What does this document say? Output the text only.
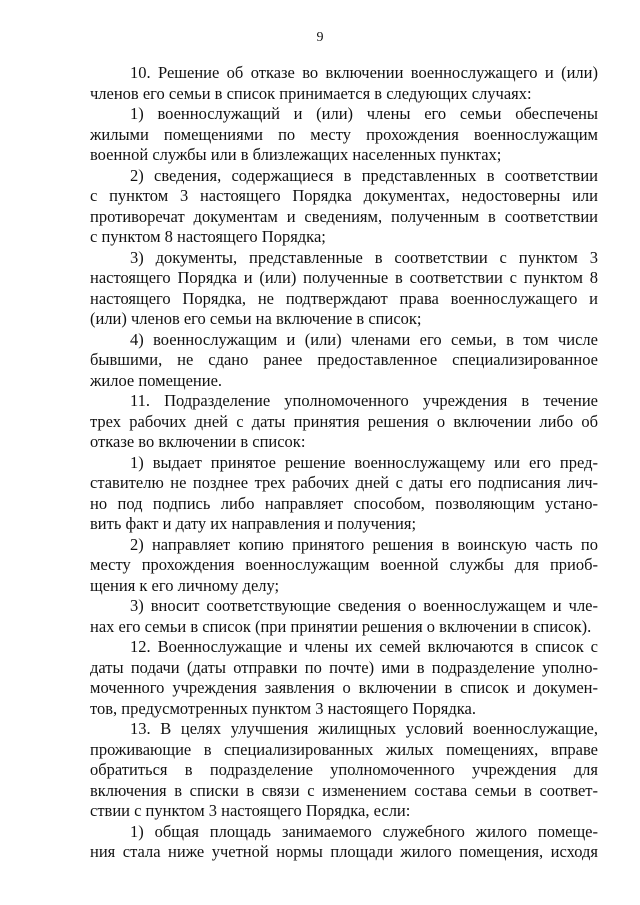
9
10. Решение об отказе во включении военнослужащего и (или)
членов его семьи в список принимается в следующих случаях:
1) военнослужащий и (или) члены его семьи обеспечены
жилыми помещениями по месту прохождения военнослужащим
военной службы или в близлежащих населенных пунктах;
2) сведения, содержащиеся в представленных в соответствии
с пунктом 3 настоящего Порядка документах, недостоверны или
противоречат документам и сведениям, полученным в соответствии
с пунктом 8 настоящего Порядка;
3) документы, представленные в соответствии с пунктом 3
настоящего Порядка и (или) полученные в соответствии с пунктом 8
настоящего Порядка, не подтверждают права военнослужащего и
(или) членов его семьи на включение в список;
4) военнослужащим и (или) членами его семьи, в том числе
бывшими, не сдано ранее предоставленное специализированное
жилое помещение.
11. Подразделение уполномоченного учреждения в течение
трех рабочих дней с даты принятия решения о включении либо об
отказе во включении в список:
1) выдает принятое решение военнослужащему или его пред-
ставителю не позднее трех рабочих дней с даты его подписания лич-
но под подпись либо направляет способом, позволяющим устано-
вить факт и дату их направления и получения;
2) направляет копию принятого решения в воинскую часть по
месту прохождения военнослужащим военной службы для приоб-
щения к его личному делу;
3) вносит соответствующие сведения о военнослужащем и чле-
нах его семьи в список (при принятии решения о включении в список).
12. Военнослужащие и члены их семей включаются в список с
даты подачи (даты отправки по почте) ими в подразделение уполно-
моченного учреждения заявления о включении в список и докумен-
тов, предусмотренных пунктом 3 настоящего Порядка.
13. В целях улучшения жилищных условий военнослужащие,
проживающие в специализированных жилых помещениях, вправе
обратиться в подразделение уполномоченного учреждения для
включения в списки в связи с изменением состава семьи в соответ-
ствии с пунктом 3 настоящего Порядка, если:
1) общая площадь занимаемого служебного жилого помеще-
ния стала ниже учетной нормы площади жилого помещения, исходя
